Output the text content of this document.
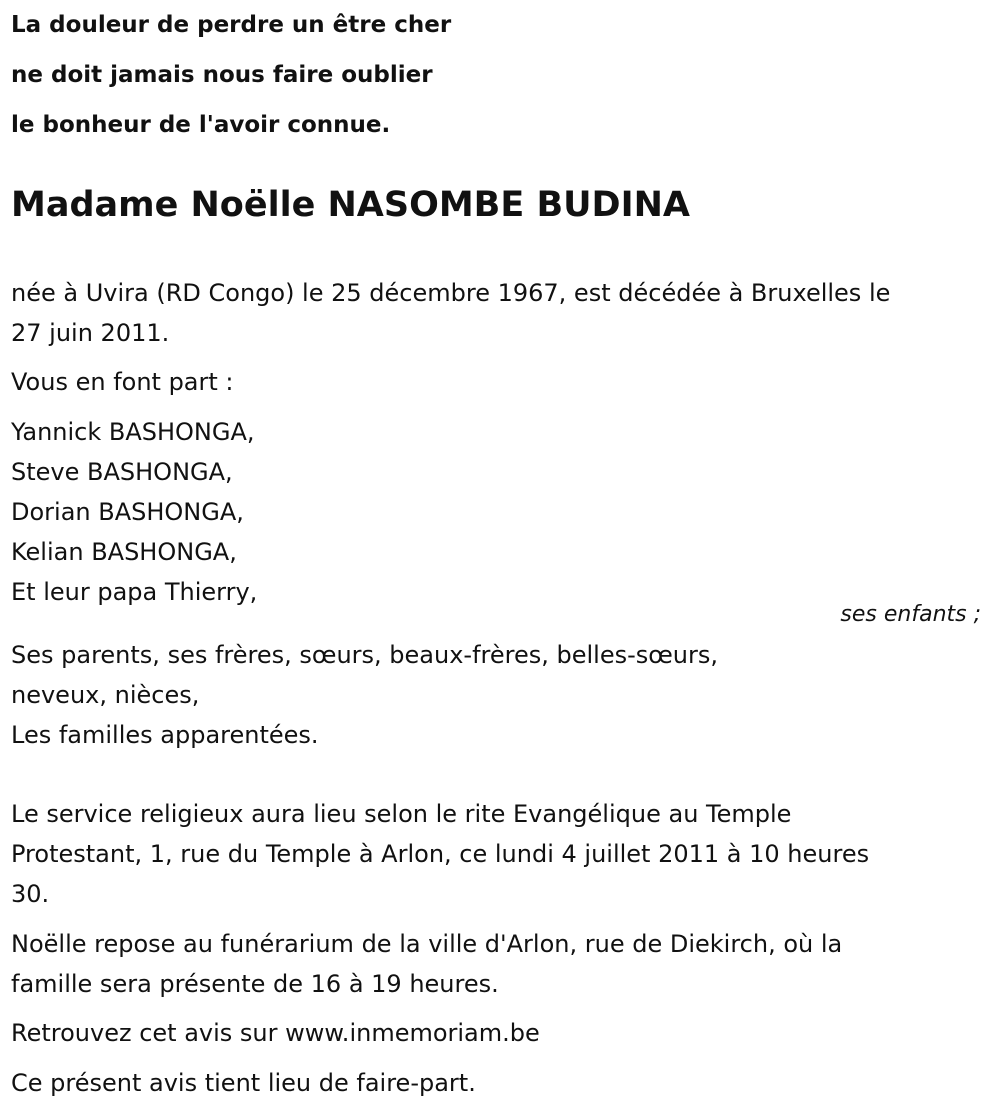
La douleur de perdre un être cher
ne doit jamais nous faire oublier
le bonheur de l'avoir connue.
Madame Noëlle NASOMBE BUDINA
née à Uvira (RD Congo) le 25 décembre 1967, est décédée à Bruxelles le
27 juin 2011.
Vous en font part :
Yannick BASHONGA,
Steve BASHONGA,
Dorian BASHONGA,
Kelian BASHONGA,
Et leur papa Thierry,
ses enfants ;
Ses parents, ses frères, sœurs, beaux-frères, belles-sœurs,
neveux, nièces,
Les familles apparentées.
Le service religieux aura lieu selon le rite Evangélique au Temple
Protestant, 1, rue du Temple à Arlon, ce lundi 4 juillet 2011 à 10 heures
30.
Noëlle repose au funérarium de la ville d'Arlon, rue de Diekirch, où la
famille sera présente de 16 à 19 heures.
Retrouvez cet avis sur www.inmemoriam.be
Ce présent avis tient lieu de faire-part.
